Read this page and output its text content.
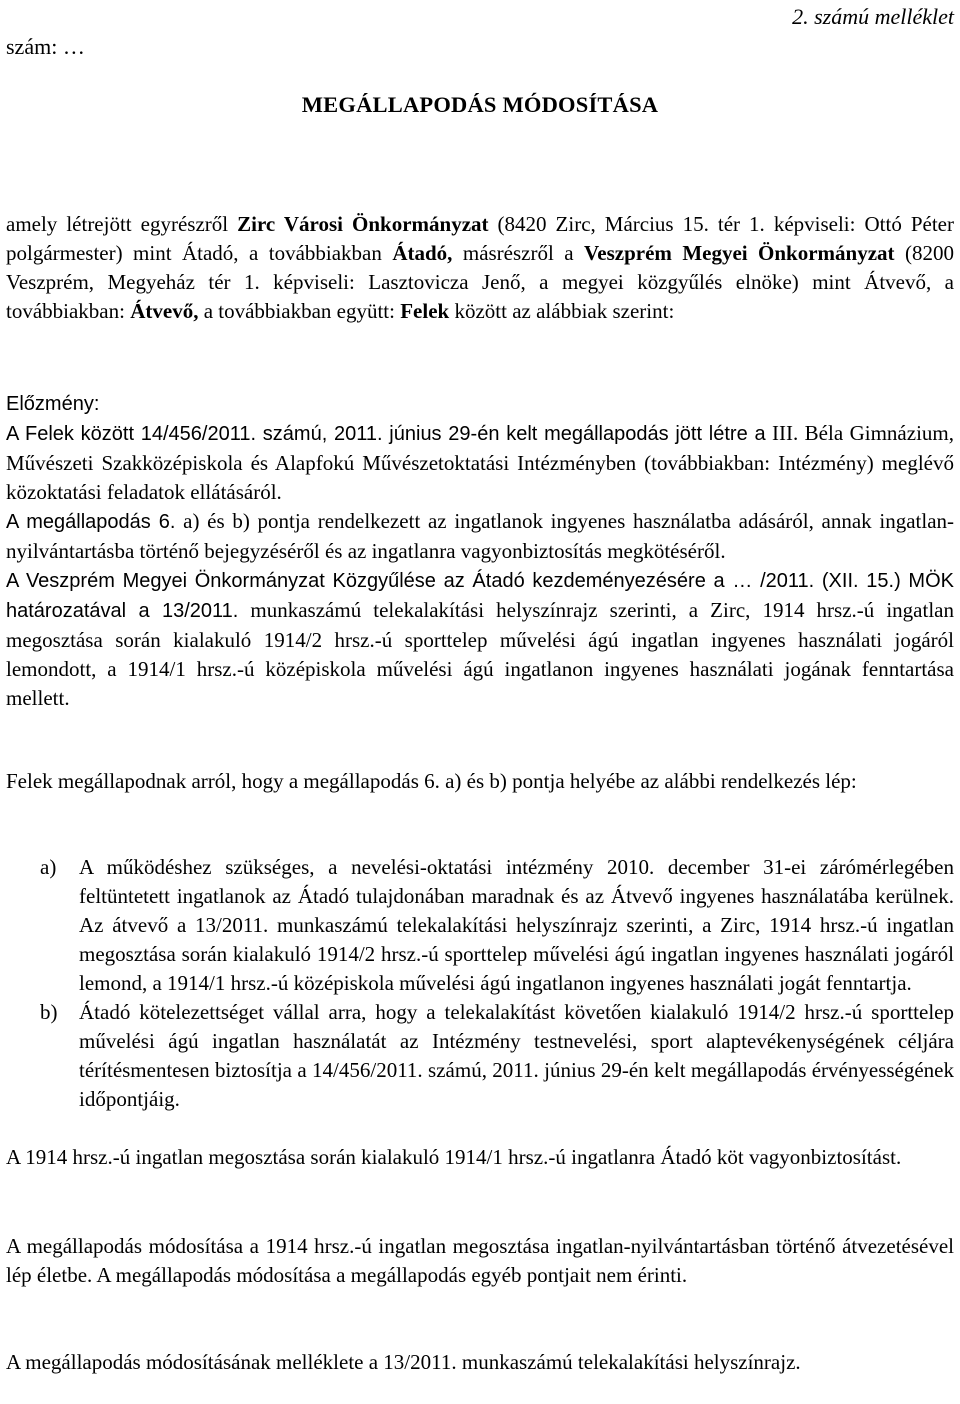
2. számú melléklet
szám: …
MEGÁLLAPODÁS MÓDOSÍTÁSA

amely létrejött egyrészről Zirc Városi Önkormányzat (8420 Zirc, Március 15. tér 1. képviseli: Ottó Péter polgármester) mint Átadó, a továbbiakban Átadó, másrészről a Veszprém Megyei Önkormányzat (8200 Veszprém, Megyeház tér 1. képviseli: Lasztovicza Jenő, a megyei közgyűlés elnöke) mint Átvevő, a továbbiakban: Átvevő, a továbbiakban együtt: Felek között az alábbiak szerint:

Előzmény:

A Felek között 14/456/2011. számú, 2011. június 29-én kelt megállapodás jött létre a III. Béla Gimnázium, Művészeti Szakközépiskola és Alapfokú Művészetoktatási Intézményben (továbbiakban: Intézmény) meglévő közoktatási feladatok ellátásáról.

A megállapodás 6. a) és b) pontja rendelkezett az ingatlanok ingyenes használatba adásáról, annak ingatlan-nyilvántartásba történő bejegyzéséről és az ingatlanra vagyonbiztosítás megkötéséről.

A Veszprém Megyei Önkormányzat Közgyűlése az Átadó kezdeményezésére a … /2011. (XII. 15.) MÖK határozatával a 13/2011. munkaszámú telekalakítási helyszínrajz szerinti, a Zirc, 1914 hrsz.-ú ingatlan megosztása során kialakuló 1914/2 hrsz.-ú sporttelep művelési ágú ingatlan ingyenes használati jogáról lemondott, a 1914/1 hrsz.-ú középiskola művelési ágú ingatlanon ingyenes használati jogának fenntartása mellett.

Felek megállapodnak arról, hogy a megállapodás 6. a) és b) pontja helyébe az alábbi rendelkezés lép:

a) A működéshez szükséges, a nevelési-oktatási intézmény 2010. december 31-ei zárómérlegében feltüntetett ingatlanok az Átadó tulajdonában maradnak és az Átvevő ingyenes használatába kerülnek. Az átvevő a 13/2011. munkaszámú telekalakítási helyszínrajz szerinti, a Zirc, 1914 hrsz.-ú ingatlan megosztása során kialakuló 1914/2 hrsz.-ú sporttelep művelési ágú ingatlan ingyenes használati jogáról lemond, a 1914/1 hrsz.-ú középiskola művelési ágú ingatlanon ingyenes használati jogát fenntartja.

b) Átadó kötelezettséget vállal arra, hogy a telekalakítást követően kialakuló 1914/2 hrsz.-ú sporttelep művelési ágú ingatlan használatát az Intézmény testnevelési, sport alaptevékenységének céljára térítésmentesen biztosítja a 14/456/2011. számú, 2011. június 29-én kelt megállapodás érvényességének időpontjáig.

A 1914 hrsz.-ú ingatlan megosztása során kialakuló 1914/1 hrsz.-ú ingatlanra Átadó köt vagyonbiztosítást.

A megállapodás módosítása a 1914 hrsz.-ú ingatlan megosztása ingatlan-nyilvántartásban történő átvezetésével lép életbe. A megállapodás módosítása a megállapodás egyéb pontjait nem érinti.

A megállapodás módosításának melléklete a 13/2011. munkaszámú telekalakítási helyszínrajz.
